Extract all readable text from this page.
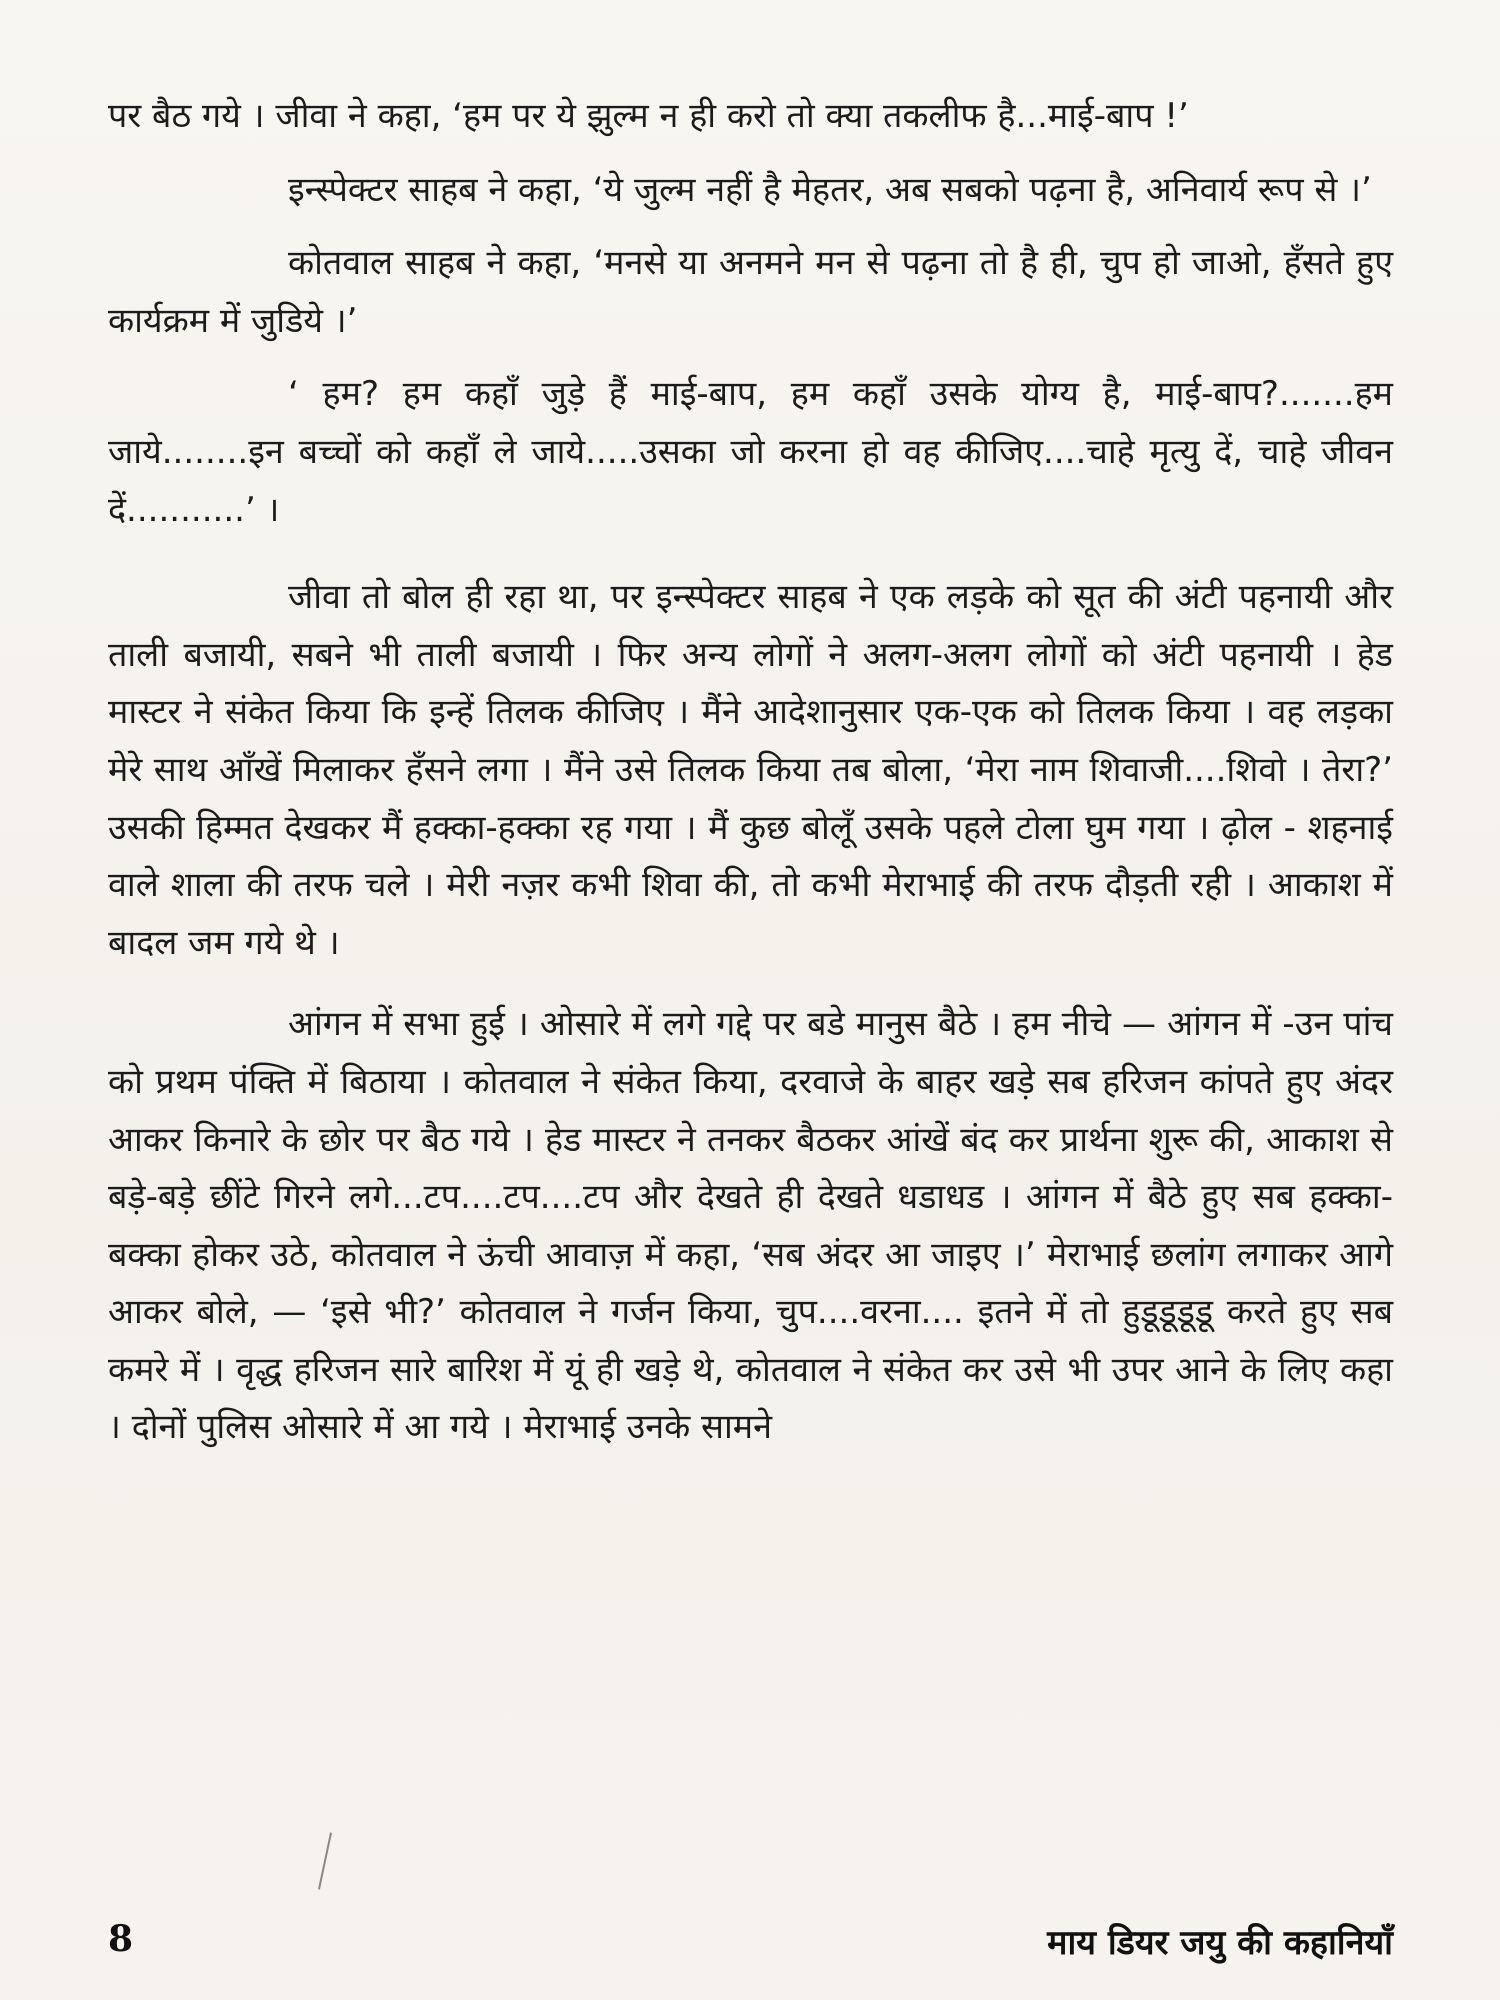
पर बैठ गये । जीवा ने कहा, ‘हम पर ये झुल्म न ही करो तो क्या तकलीफ है...माई-बाप !’

इन्स्पेक्टर साहब ने कहा, ‘ये जुल्म नहीं है मेहतर, अब सबको पढ़ना है, अनिवार्य रूप से ।’

कोतवाल साहब ने कहा, ‘मनसे या अनमने मन से पढ़ना तो है ही, चुप हो जाओ, हँसते हुए कार्यक्रम में जुडिये ।’

‘ हम? हम कहाँ जुड़े हैं माई-बाप, हम कहाँ उसके योग्य है, माई-बाप?.......हम जाये........इन बच्चों को कहाँ ले जाये.....उसका जो करना हो वह कीजिए....चाहे मृत्यु दें, चाहे जीवन दें...........’ ।

जीवा तो बोल ही रहा था, पर इन्स्पेक्टर साहब ने एक लड़के को सूत की अंटी पहनायी और ताली बजायी, सबने भी ताली बजायी । फिर अन्य लोगों ने अलग-अलग लोगों को अंटी पहनायी । हेड मास्टर ने संकेत किया कि इन्हें तिलक कीजिए । मैंने आदेशानुसार एक-एक को तिलक किया । वह लड़का मेरे साथ आँखें मिलाकर हँसने लगा । मैंने उसे तिलक किया तब बोला, ‘मेरा नाम शिवाजी....शिवो । तेरा?’ उसकी हिम्मत देखकर मैं हक्का-हक्का रह गया । मैं कुछ बोलूँ उसके पहले टोला घुम गया । ढ़ोल - शहनाई वाले शाला की तरफ चले । मेरी नज़र कभी शिवा की, तो कभी मेराभाई की तरफ दौड़ती रही । आकाश में बादल जम गये थे ।

आंगन में सभा हुई । ओसारे में लगे गद्दे पर बडे मानुस बैठे । हम नीचे — आंगन में -उन पांच को प्रथम पंक्ति में बिठाया । कोतवाल ने संकेत किया, दरवाजे के बाहर खड़े सब हरिजन कांपते हुए अंदर आकर किनारे के छोर पर बैठ गये । हेड मास्टर ने तनकर बैठकर आंखें बंद कर प्रार्थना शुरू की, आकाश से बड़े-बड़े छींटे गिरने लगे...टप....टप....टप और देखते ही देखते धडाधड । आंगन में बैठे हुए सब हक्का-बक्का होकर उठे, कोतवाल ने ऊंची आवाज़ में कहा, ‘सब अंदर आ जाइए ।’ मेराभाई छलांग लगाकर आगे आकर बोले, — ‘इसे भी?’ कोतवाल ने गर्जन किया, चुप....वरना.... इतने में तो हुडूडूडूडू करते हुए सब कमरे में । वृद्ध हरिजन सारे बारिश में यूं ही खड़े थे, कोतवाल ने संकेत कर उसे भी उपर आने के लिए कहा । दोनों पुलिस ओसारे में आ गये । मेराभाई उनके सामने

8	माय डियर जयु की कहानियाँ
